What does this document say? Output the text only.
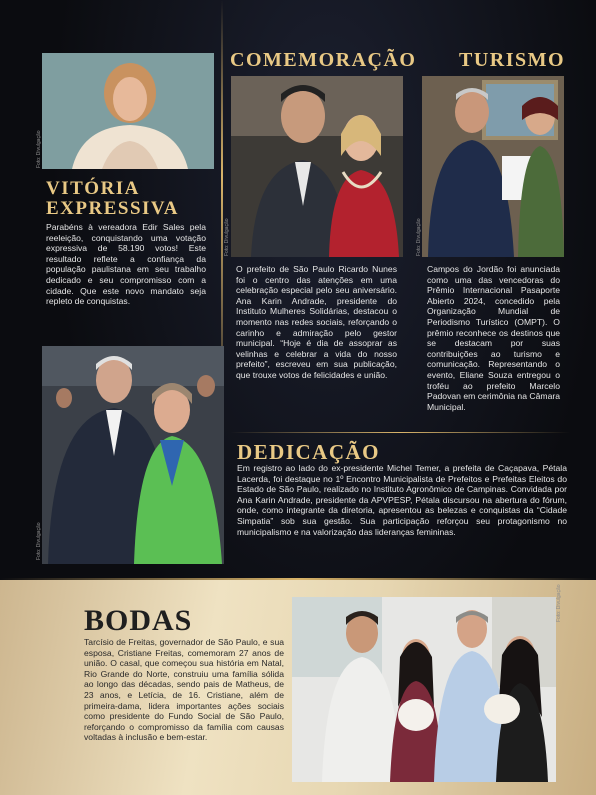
Foto: Divulgação
VITÓRIA
EXPRESSIVA

Parabéns à vereadora Edir Sales pela reeleição, conquistando uma votação expressiva de 58.190 votos! Este resultado reflete a confiança da população paulistana em seu trabalho dedicado e seu compromisso com a cidade. Que este novo mandato seja repleto de conquistas.

COMEMORAÇÃO
Foto: Divulgação

O prefeito de São Paulo Ricardo Nunes foi o centro das atenções em uma celebração especial pelo seu aniversário. Ana Karin Andrade, presidente do Instituto Mulheres Solidárias, destacou o momento nas redes sociais, reforçando o carinho e admiração pelo gestor municipal. “Hoje é dia de assoprar as velinhas e celebrar a vida do nosso prefeito”, escreveu em sua publicação, que trouxe votos de felicidades e união.

TURISMO
Foto: Divulgação

Campos do Jordão foi anunciada como uma das vencedoras do Prêmio Internacional Pasaporte Abierto 2024, concedido pela Organização Mundial de Periodismo Turístico (OMPT). O prêmio reconhece os destinos que se destacam por suas contribuições ao turismo e comunicação. Representando o evento, Eliane Souza entregou o troféu ao prefeito Marcelo Padovan em cerimônia na Câmara Municipal.

Foto: Divulgação
DEDICAÇÃO

Em registro ao lado do ex-presidente Michel Temer, a prefeita de Caçapava, Pétala Lacerda, foi destaque no 1º Encontro Municipalista de Prefeitos e Prefeitas Eleitos do Estado de São Paulo, realizado no Instituto Agronômico de Campinas. Convidada por Ana Karin Andrade, presidente da APVPESP, Pétala discursou na abertura do fórum, onde, como integrante da diretoria, apresentou as belezas e conquistas da “Cidade Simpatia” sob sua gestão. Sua participação reforçou seu protagonismo no municipalismo e na valorização das lideranças femininas.

BODAS

Tarcísio de Freitas, governador de São Paulo, e sua esposa, Cristiane Freitas, comemoram 27 anos de união. O casal, que começou sua história em Natal, Rio Grande do Norte, construiu uma família sólida ao longo das décadas, sendo pais de Matheus, de 23 anos, e Letícia, de 16. Cristiane, além de primeira-dama, lidera importantes ações sociais como presidente do Fundo Social de São Paulo, reforçando o compromisso da família com causas voltadas à inclusão e bem-estar.

Foto: Divulgação
